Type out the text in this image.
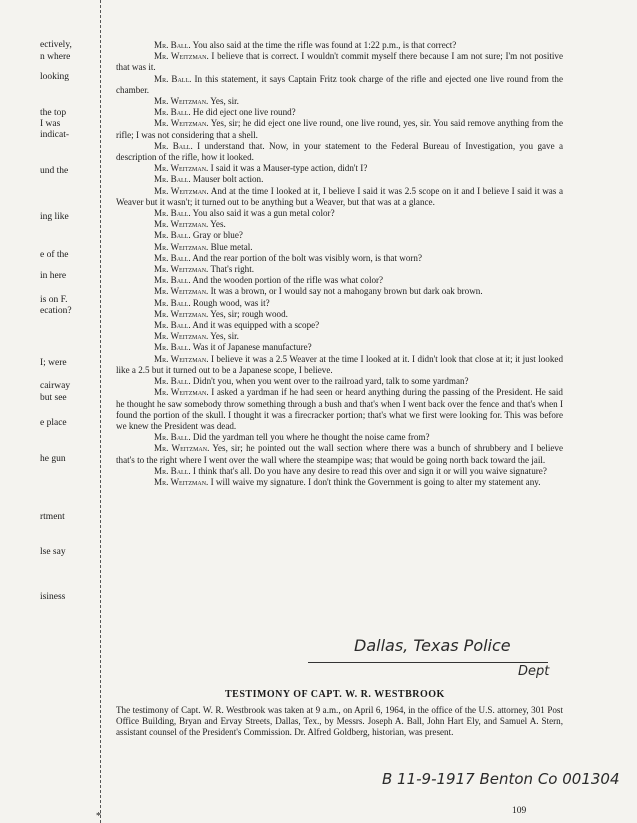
ectively,
n where
looking
the top
I was
indicat-
und the
ing like
e of the
in here
is on F.
ecation?
I; were
cairway
but see
e place
he gun
rtment
lse say
isiness
*

Mr. Ball. You also said at the time the rifle was found at 1:22 p.m., is that correct?

Mr. Weitzman. I believe that is correct. I wouldn't commit myself there because I am not sure; I'm not positive that was it.

Mr. Ball. In this statement, it says Captain Fritz took charge of the rifle and ejected one live round from the chamber.

Mr. Weitzman. Yes, sir.

Mr. Ball. He did eject one live round?

Mr. Weitzman. Yes, sir; he did eject one live round, one live round, yes, sir. You said remove anything from the rifle; I was not considering that a shell.

Mr. Ball. I understand that. Now, in your statement to the Federal Bureau of Investigation, you gave a description of the rifle, how it looked.

Mr. Weitzman. I said it was a Mauser-type action, didn't I?

Mr. Ball. Mauser bolt action.

Mr. Weitzman. And at the time I looked at it, I believe I said it was 2.5 scope on it and I believe I said it was a Weaver but it wasn't; it turned out to be anything but a Weaver, but that was at a glance.

Mr. Ball. You also said it was a gun metal color?

Mr. Weitzman. Yes.

Mr. Ball. Gray or blue?

Mr. Weitzman. Blue metal.

Mr. Ball. And the rear portion of the bolt was visibly worn, is that worn?

Mr. Weitzman. That's right.

Mr. Ball. And the wooden portion of the rifle was what color?

Mr. Weitzman. It was a brown, or I would say not a mahogany brown but dark oak brown.

Mr. Ball. Rough wood, was it?

Mr. Weitzman. Yes, sir; rough wood.

Mr. Ball. And it was equipped with a scope?

Mr. Weitzman. Yes, sir.

Mr. Ball. Was it of Japanese manufacture?

Mr. Weitzman. I believe it was a 2.5 Weaver at the time I looked at it. I didn't look that close at it; it just looked like a 2.5 but it turned out to be a Japanese scope, I believe.

Mr. Ball. Didn't you, when you went over to the railroad yard, talk to some yardman?

Mr. Weitzman. I asked a yardman if he had seen or heard anything during the passing of the President. He said he thought he saw somebody throw something through a bush and that's when I went back over the fence and that's when I found the portion of the skull. I thought it was a firecracker portion; that's what we first were looking for. This was before we knew the President was dead.

Mr. Ball. Did the yardman tell you where he thought the noise came from?

Mr. Weitzman. Yes, sir; he pointed out the wall section where there was a bunch of shrubbery and I believe that's to the right where I went over the wall where the steampipe was; that would be going north back toward the jail.

Mr. Ball. I think that's all. Do you have any desire to read this over and sign it or will you waive signature?

Mr. Weitzman. I will waive my signature. I don't think the Government is going to alter my statement any.

Dallas, Texas Police
Dept
TESTIMONY OF CAPT. W. R. WESTBROOK
The testimony of Capt. W. R. Westbrook was taken at 9 a.m., on April 6, 1964, in the office of the U.S. attorney, 301 Post Office Building, Bryan and Ervay Streets, Dallas, Tex., by Messrs. Joseph A. Ball, John Hart Ely, and Samuel A. Stern, assistant counsel of the President's Commission. Dr. Alfred Goldberg, historian, was present.
B 11-9-1917 Benton Co 001304
109
